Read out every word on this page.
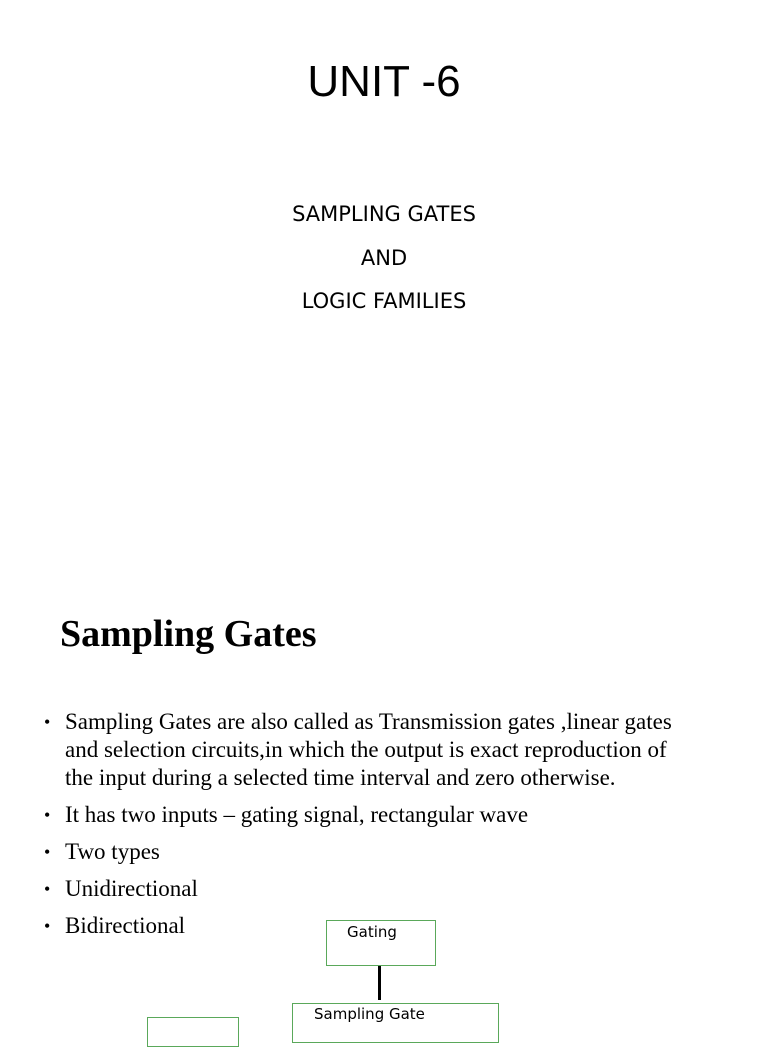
UNIT -6
SAMPLING GATES
AND
LOGIC FAMILIES
Sampling Gates
• Sampling Gates are also called as Transmission gates ,linear gates and selection circuits,in which the output is exact reproduction of the input during a selected time interval and zero otherwise.
• It has two inputs – gating signal, rectangular wave
• Two types
• Unidirectional
• Bidirectional	Gating
Sampling Gate
